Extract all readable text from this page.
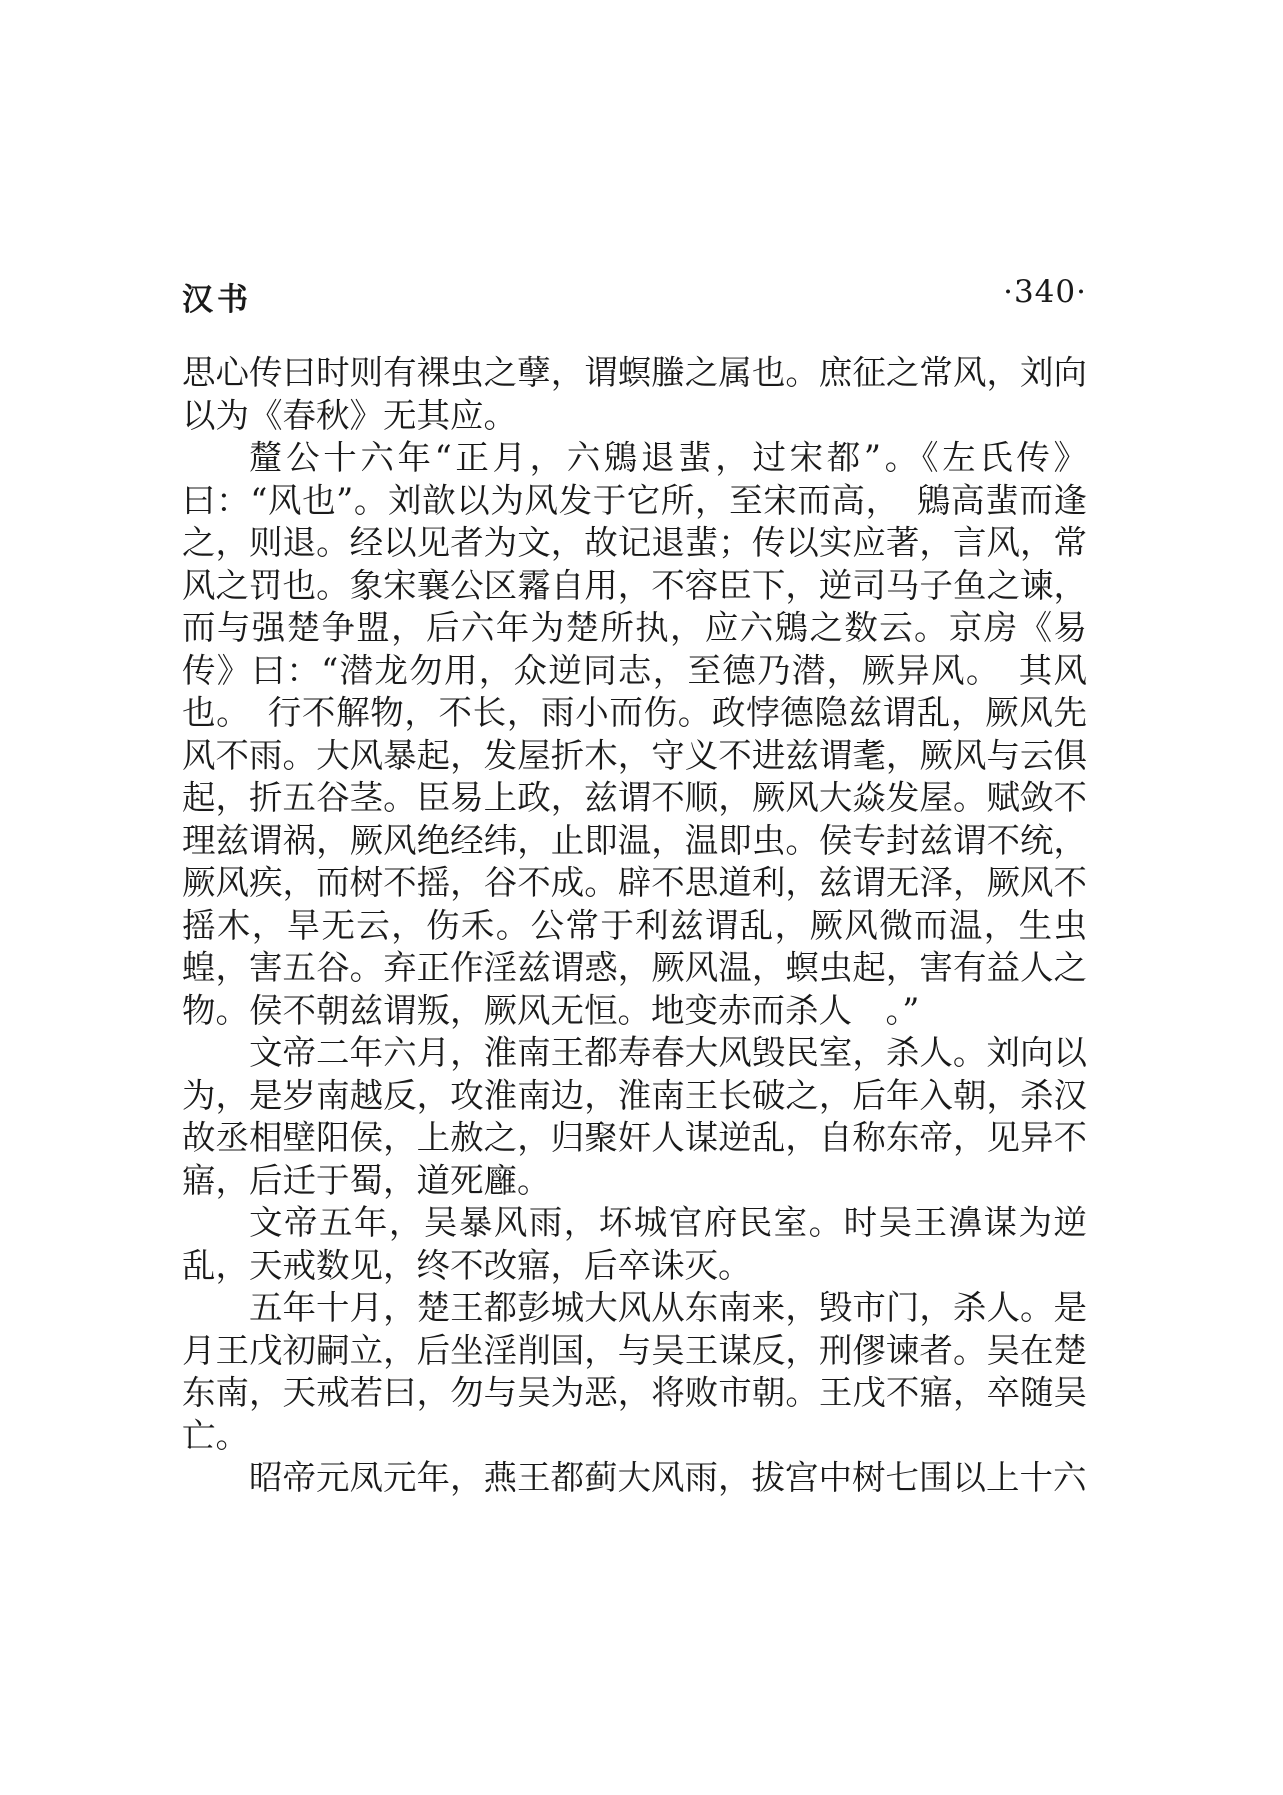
汉书	·340·

思心传曰时则有裸虫之孽，谓螟螣之属也。庶征之常风，刘向以为《春秋》无其应。

釐公十六年“正月，六鶂退蜚，过宋都”。《左氏传》曰：“风也”。刘歆以为风发于它所，至宋而高，　鶂高蜚而逢之，则退。经以见者为文，故记退蜚；传以实应著，言风，常风之罚也。象宋襄公区霿自用，不容臣下，逆司马子鱼之谏，而与强楚争盟，后六年为楚所执，应六鶂之数云。京房《易传》曰：“潜龙勿用，众逆同志，至德乃潜，厥异风。　其风也。　行不解物，不长，雨小而伤。政悖德隐兹谓乱，厥风先风不雨。大风暴起，发屋折木，守义不进兹谓耄，厥风与云俱起，折五谷茎。臣易上政，兹谓不顺，厥风大焱发屋。赋敛不理兹谓祸，厥风绝经纬，止即温，温即虫。侯专封兹谓不统，厥风疾，而树不摇，谷不成。辟不思道利，兹谓无泽，厥风不摇木，旱无云，伤禾。公常于利兹谓乱，厥风微而温，生虫蝗，害五谷。弃正作淫兹谓惑，厥风温，螟虫起，害有益人之物。侯不朝兹谓叛，厥风无恒。地变赤而杀人　。”

文帝二年六月，淮南王都寿春大风毁民室，杀人。刘向以为，是岁南越反，攻淮南边，淮南王长破之，后年入朝，杀汉故丞相壁阳侯，上赦之，归聚奸人谋逆乱，自称东帝，见异不寤，后迁于蜀，道死廱。

文帝五年，吴暴风雨，坏城官府民室。时吴王濞谋为逆乱，天戒数见，终不改寤，后卒诛灭。

五年十月，楚王都彭城大风从东南来，毁市门，杀人。是月王戊初嗣立，后坐淫削国，与吴王谋反，刑僇谏者。吴在楚东南，天戒若曰，勿与吴为恶，将败市朝。王戊不寤，卒随吴亡。

昭帝元凤元年，燕王都蓟大风雨，拔宫中树七围以上十六
